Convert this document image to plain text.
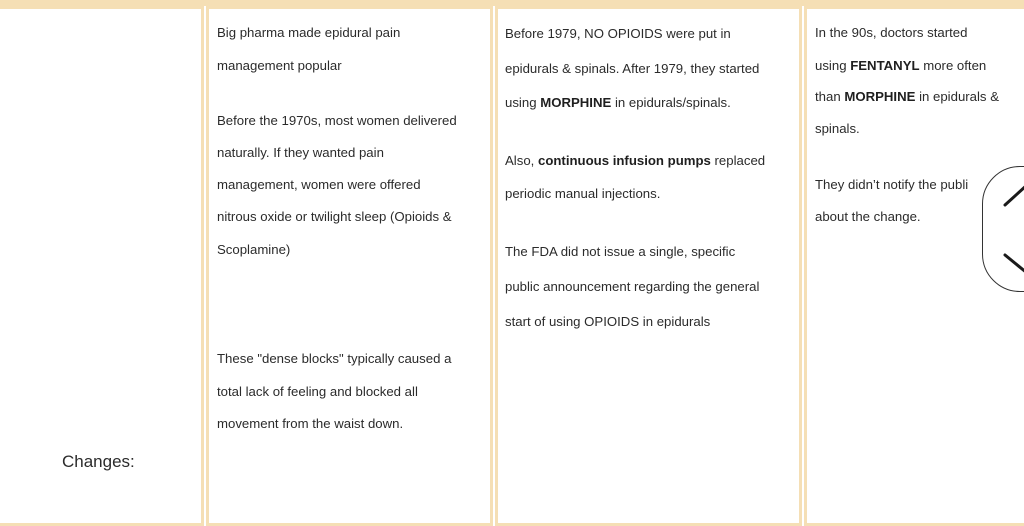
Changes:

Big pharma made epidural pain

management popular

Before the 1970s, most women delivered

naturally. If they wanted pain

management, women were offered

nitrous oxide or twilight sleep (Opioids &

Scoplamine)

These "dense blocks" typically caused a

total lack of feeling and blocked all

movement from the waist down.

Before 1979, NO OPIOIDS were put in

epidurals & spinals. After 1979, they started

using MORPHINE in epidurals/spinals.

Also, continuous infusion pumps replaced

periodic manual injections.

The FDA did not issue a single, specific

public announcement regarding the general

start of using OPIOIDS in epidurals

In the 90s, doctors started

using FENTANYL more often

than MORPHINE in epidurals &

spinals.

They didn’t notify the publi

about the change.
